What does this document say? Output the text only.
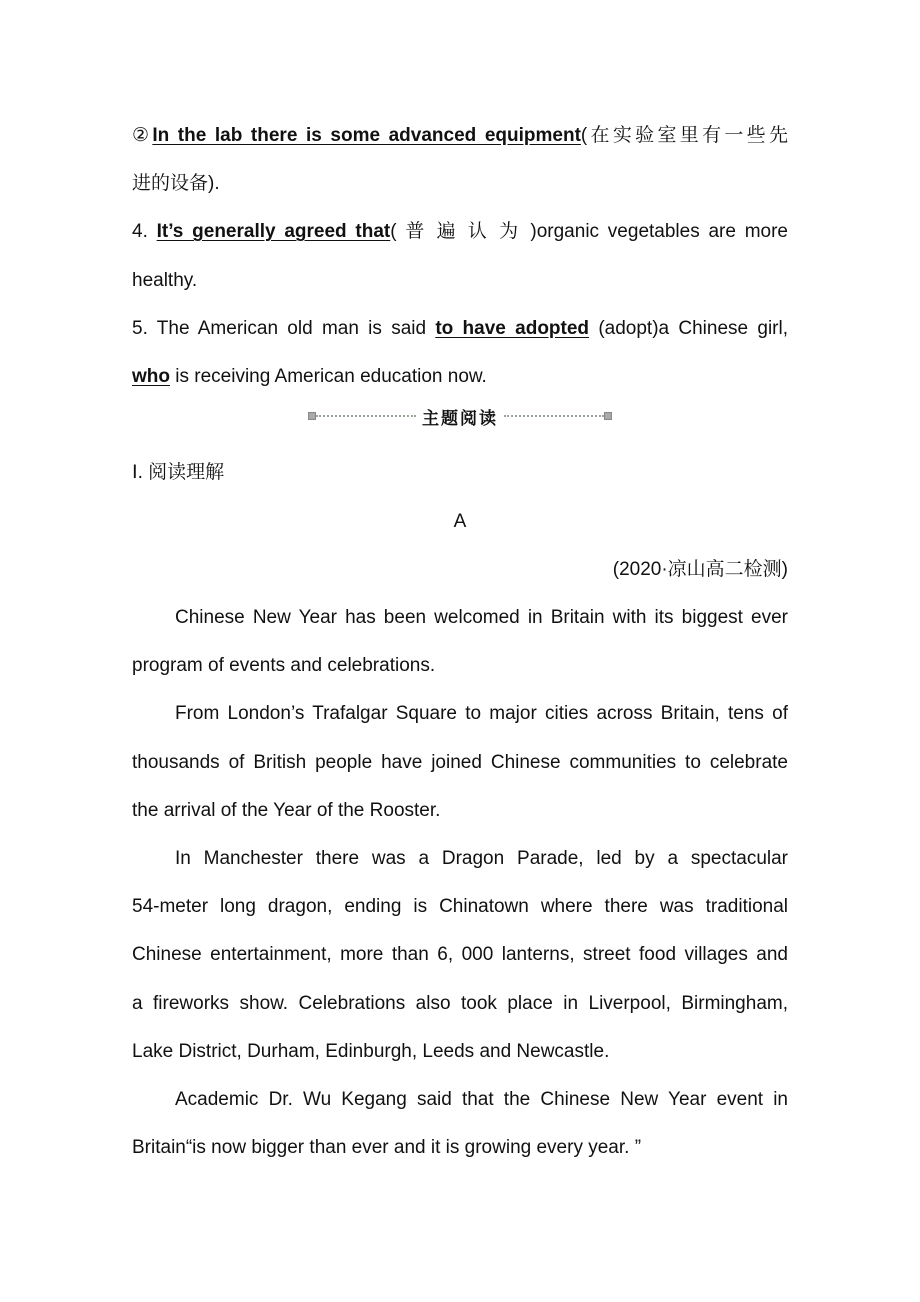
②In the lab there is some advanced equipment(在实验室里有一些先
进的设备).
4. It’s generally agreed that( 普 遍 认 为 )organic vegetables are more
healthy.
5. The American old man is said to have adopted (adopt)a Chinese girl,
who is receiving American education now.
主题阅读
Ⅰ. 阅读理解
A
(2020·凉山高二检测)
Chinese New Year has been welcomed in Britain with its biggest ever
program of events and celebrations.
From London’s Trafalgar Square to major cities across Britain, tens of
thousands of British people have joined Chinese communities to celebrate
the arrival of the Year of the Rooster.
In Manchester there was a Dragon Parade, led by a spectacular
54-meter long dragon, ending is Chinatown where there was traditional
Chinese entertainment, more than 6, 000 lanterns, street food villages and
a fireworks show. Celebrations also took place in Liverpool, Birmingham,
Lake District, Durham, Edinburgh, Leeds and Newcastle.
Academic Dr. Wu Kegang said that the Chinese New Year event in
Britain“is now bigger than ever and it is growing every year. ”
